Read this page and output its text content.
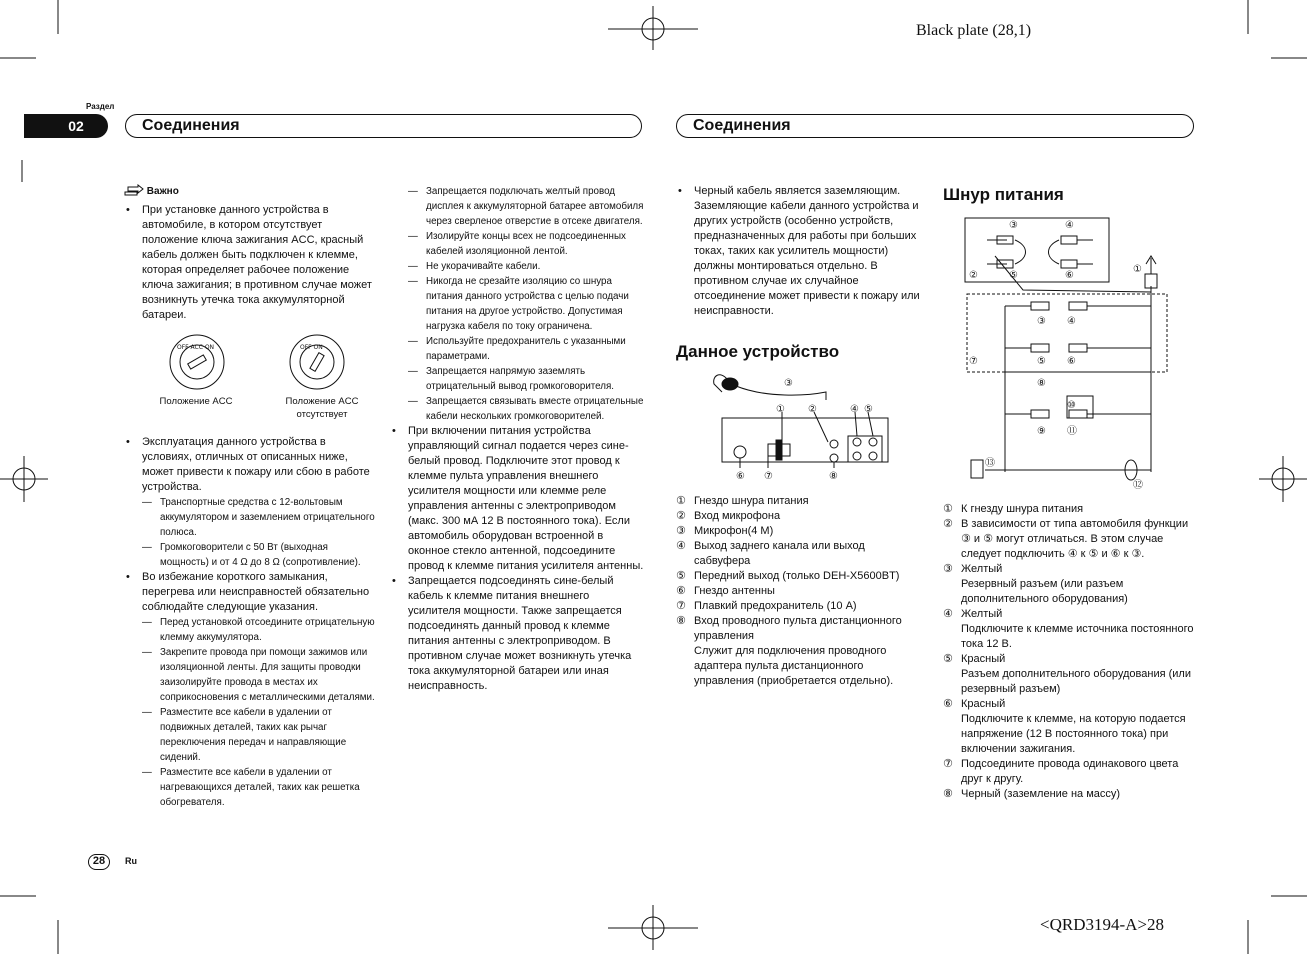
Black plate (28,1)
<QRD3194-A>28
Раздел
02	Соединения	Соединения
Важно

• При установке данного устройства в автомобиле, в котором отсутствует положение ключа зажигания ACC, красный кабель должен быть подключен к клемме, которая определяет рабочее положение ключа зажигания; в противном случае может возникнуть утечка тока аккумуляторной батареи.

OFF ACC ON	OFF ON
Положение ACC	Положение ACC отсутствует

• Эксплуатация данного устройства в условиях, отличных от описанных ниже, может привести к пожару или сбою в работе устройства.

— Транспортные средства с 12-вольтовым аккумулятором и заземлением отрицательного полюса.

— Громкоговорители с 50 Вт (выходная мощность) и от 4 Ω до 8 Ω (сопротивление).

• Во избежание короткого замыкания, перегрева или неисправностей обязательно соблюдайте следующие указания.

— Перед установкой отсоедините отрицательную клемму аккумулятора.

— Закрепите провода при помощи зажимов или изоляционной ленты. Для защиты проводки заизолируйте провода в местах их соприкосновения с металлическими деталями.

— Разместите все кабели в удалении от подвижных деталей, таких как рычаг переключения передач и направляющие сидений.

— Разместите все кабели в удалении от нагревающихся деталей, таких как решетка обогревателя.

— Запрещается подключать желтый провод дисплея к аккумуляторной батарее автомобиля через сверленое отверстие в отсеке двигателя.

— Изолируйте концы всех не подсоединенных кабелей изоляционной лентой.

— Не укорачивайте кабели.

— Никогда не срезайте изоляцию со шнура питания данного устройства с целью подачи питания на другое устройство. Допустимая нагрузка кабеля по току ограничена.

— Используйте предохранитель с указанными параметрами.

— Запрещается напрямую заземлять отрицательный вывод громкоговорителя.

— Запрещается связывать вместе отрицательные кабели нескольких громкоговорителей.

• При включении питания устройства управляющий сигнал подается через сине-белый провод. Подключите этот провод к клемме пульта управления внешнего усилителя мощности или клемме реле управления антенны с электроприводом (макс. 300 мА 12 В постоянного тока). Если автомобиль оборудован встроенной в оконное стекло антенной, подсоедините провод к клемме питания усилителя антенны.

• Запрещается подсоединять сине-белый кабель к клемме питания внешнего усилителя мощности. Также запрещается подсоединять данный провод к клемме питания антенны с электроприводом. В противном случае может возникнуть утечка тока аккумуляторной батареи или иная неисправность.

• Черный кабель является заземляющим. Заземляющие кабели данного устройства и других устройств (особенно устройств, предназначенных для работы при больших токах, таких как усилитель мощности) должны монтироваться отдельно. В противном случае их случайное отсоединение может привести к пожару или неисправности.

Данное устройство
③
① ②	④ ⑤
⑥ ⑦	⑧

① Гнездо шнура питания

② Вход микрофона

③ Микрофон(4 М)

④ Выход заднего канала или выход сабвуфера

⑤ Передний выход (только DEH-X5600BT)

⑥ Гнездо антенны

⑦ Плавкий предохранитель (10 A)

⑧ Вход проводного пульта дистанционного управления
Служит для подключения проводного адаптера пульта дистанционного управления (приобретается отдельно).

Шнур питания
③	④
②	⑤	⑥
①
③ ④
⑤ ⑥
⑦
⑧
⑩
⑨ ⑪
⑫
⑬

① К гнезду шнура питания

② В зависимости от типа автомобиля функции ③ и ⑤ могут отличаться. В этом случае следует подключить ④ к ⑤ и ⑥ к ③.

③ Желтый
Резервный разъем (или разъем дополнительного оборудования)

④ Желтый
Подключите к клемме источника постоянного тока 12 В.

⑤ Красный
Разъем дополнительного оборудования (или резервный разъем)

⑥ Красный
Подключите к клемме, на которую подается напряжение (12 В постоянного тока) при включении зажигания.

⑦ Подсоедините провода одинакового цвета друг к другу.

⑧ Черный (заземление на массу)

28	Ru
